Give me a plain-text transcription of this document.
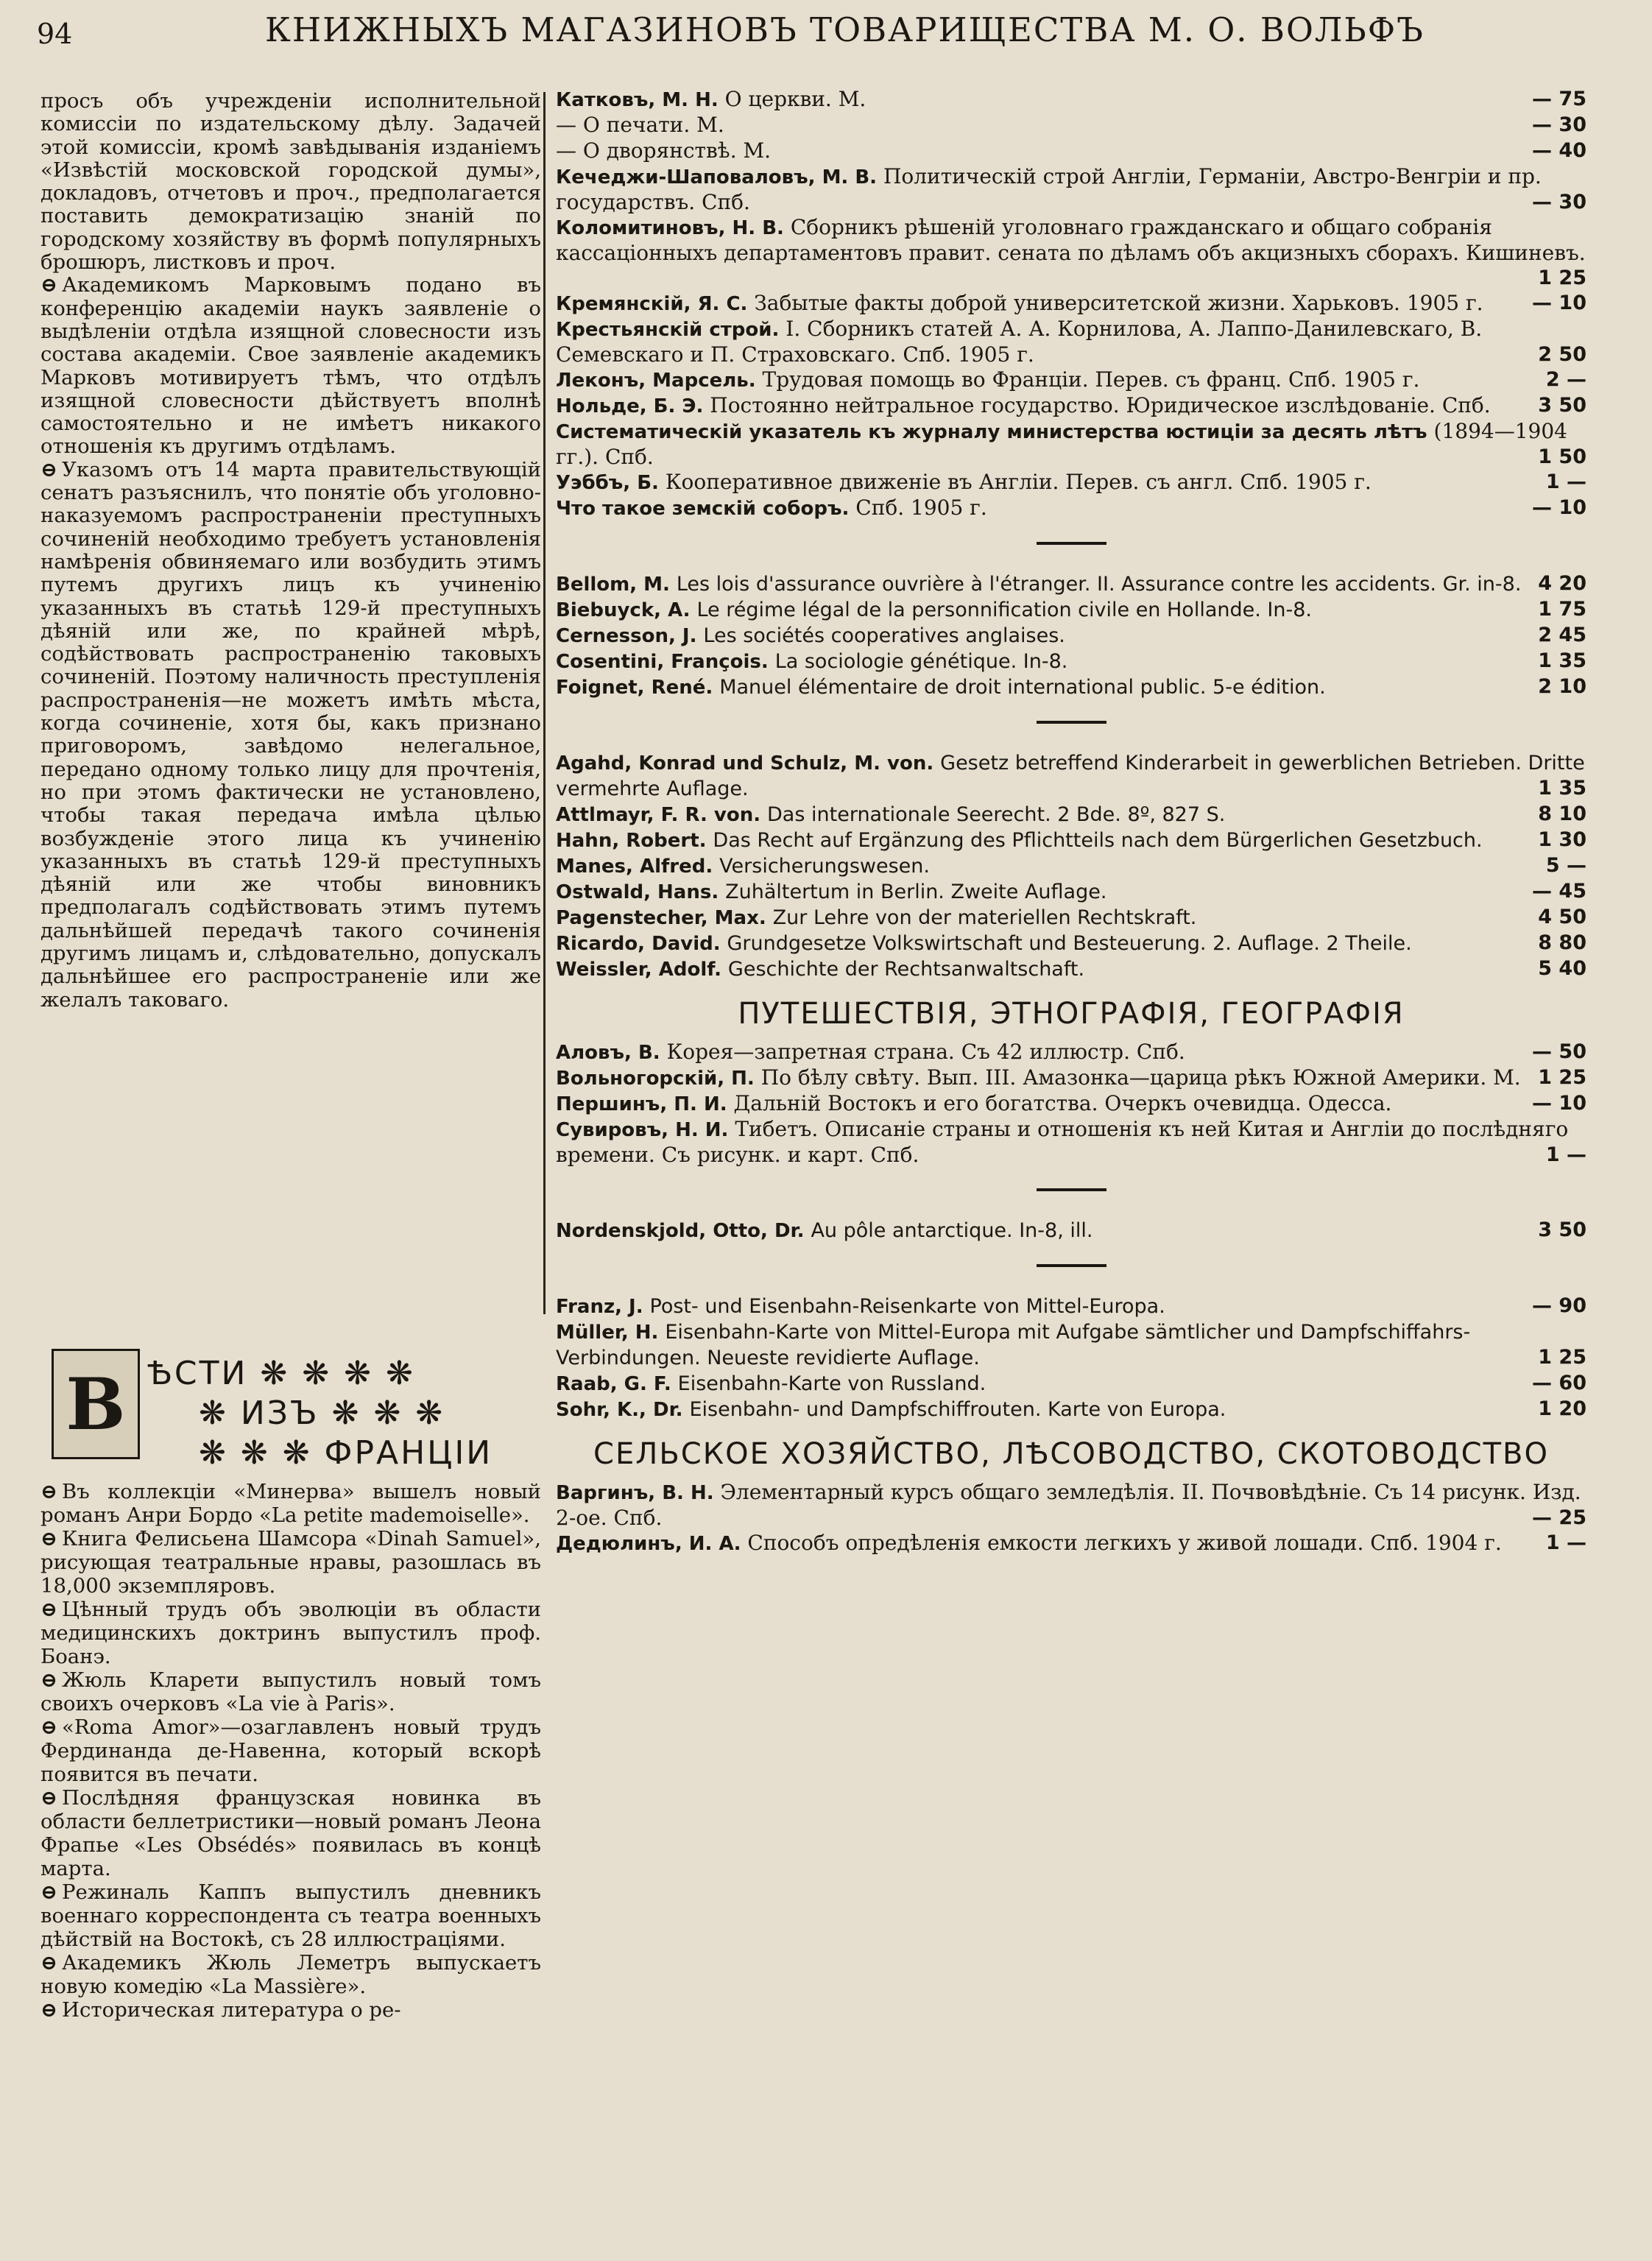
94	КНИЖНЫХЪ МАГАЗИНОВЪ ТОВАРИЩЕСТВА М. О. ВОЛЬФЪ

просъ объ учрежденіи исполнительной комиссіи по издательскому дѣлу. Задачей этой комиссіи, кромѣ завѣдыванія изданіемъ «Извѣстій московской городской думы», докладовъ, отчетовъ и проч., предполагается поставить демократизацію знаній по городскому хозяйству въ формѣ популярныхъ брошюръ, листковъ и проч.

⊖ Академикомъ Марковымъ подано въ конференцію академіи наукъ заявленіе о выдѣленіи отдѣла изящной словесности изъ состава академіи. Свое заявленіе академикъ Марковъ мотивируетъ тѣмъ, что отдѣлъ изящной словесности дѣйствуетъ вполнѣ самостоятельно и не имѣетъ никакого отношенія къ другимъ отдѣламъ.

⊖ Указомъ отъ 14 марта правительствующій сенатъ разъяснилъ, что понятіе объ уголовно-наказуемомъ распространеніи преступныхъ сочиненій необходимо требуетъ установленія намѣренія обвиняемаго или возбудить этимъ путемъ другихъ лицъ къ учиненію указанныхъ въ статьѣ 129-й преступныхъ дѣяній или же, по крайней мѣрѣ, содѣйствовать распространенію таковыхъ сочиненій. Поэтому наличность преступленія распространенія—не можетъ имѣть мѣста, когда сочиненіе, хотя бы, какъ признано приговоромъ, завѣдомо нелегальное, передано одному только лицу для прочтенія, но при этомъ фактически не установлено, чтобы такая передача имѣла цѣлью возбужденіе этого лица къ учиненію указанныхъ въ статьѣ 129-й преступныхъ дѣяній или же чтобы виновникъ предполагалъ содѣйствовать этимъ путемъ дальнѣйшей передачѣ такого сочиненія другимъ лицамъ и, слѣдовательно, допускалъ дальнѣйшее его распространеніе или же желалъ таковаго.

В ѢСТИ ❋ ❋ ❋ ❋
❋ ИЗЪ ❋ ❋ ❋
❋ ❋ ❋ ФРАНЦІИ

⊖ Въ коллекціи «Минерва» вышелъ новый романъ Анри Бордо «La petite mademoiselle».

⊖ Книга Фелисьена Шамсора «Dinah Samuel», рисующая театральные нравы, разошлась въ 18,000 экземпляровъ.

⊖ Цѣнный трудъ объ эволюціи въ области медицинскихъ доктринъ выпустилъ проф. Боанэ.

⊖ Жюль Кларети выпустилъ новый томъ своихъ очерковъ «La vie à Paris».

⊖ «Roma Amor»—озаглавленъ новый трудъ Фердинанда де-Навенна, который вскорѣ появится въ печати.

⊖ Послѣдняя французская новинка въ области беллетристики—новый романъ Леона Фрапье «Les Obsédés» появилась въ концѣ марта.

⊖ Режиналь Каппъ выпустилъ дневникъ военнаго корреспондента съ театра военныхъ дѣйствій на Востокѣ, съ 28 иллюстраціями.

⊖ Академикъ Жюль Леметръ выпускаетъ новую комедію «La Massière».

⊖ Историческая литература о ре-

Катковъ, М. Н. О церкви. М.	— 75
— О печати. М.	— 30
— О дворянствѣ. М.	— 40
Кечеджи-Шаповаловъ, М. В. Политическій строй Англіи, Германіи, Австро-Венгріи и пр. государствъ. Спб.	— 30
Коломитиновъ, Н. В. Сборникъ рѣшеній уголовнаго гражданскаго и общаго собранія кассаціонныхъ департаментовъ правит. сената по дѣламъ объ акцизныхъ сборахъ. Кишиневъ.
1 25
Кремянскій, Я. С. Забытые факты доброй университетской жизни. Харьковъ. 1905 г. — 10
Крестьянскій строй. I. Сборникъ статей А. А. Корнилова, А. Лаппо-Данилевскаго, В. Семевскаго и П. Страховскаго. Спб. 1905 г.	2 50
Леконъ, Марсель. Трудовая помощь во Франціи. Перев. съ франц. Спб. 1905 г.	2 —
Нольде, Б. Э. Постоянно нейтральное государство. Юридическое изслѣдованіе. Спб. 3 50
Систематическій указатель къ журналу министерства юстиціи за десять лѣтъ (1894—1904 гг.). Спб.	1 50
Уэббъ, Б. Кооперативное движеніе въ Англіи. Перев. съ англ. Спб. 1905 г.	1 —
Что такое земскій соборъ. Спб. 1905 г.	— 10
Bellom, M. Les lois d'assurance ouvrière à l'étranger. II. Assurance contre les accidents. Gr. in-8. 4 20
Biebuyck, A. Le régime légal de la personnification civile en Hollande. In-8.	1 75
Cernesson, J. Les sociétés cooperatives anglaises.	2 45
Cosentini, François. La sociologie génétique. In-8.	1 35
Foignet, René. Manuel élémentaire de droit international public. 5-e édition.	2 10
Agahd, Konrad und Schulz, M. von. Gesetz betreffend Kinderarbeit in gewerblichen Betrieben. Dritte vermehrte Auflage.	1 35
Attlmayr, F. R. von. Das internationale Seerecht. 2 Bde. 8º, 827 S.	8 10
Hahn, Robert. Das Recht auf Ergänzung des Pflichtteils nach dem Bürgerlichen Gesetzbuch.	1 30
Manes, Alfred. Versicherungswesen.	5 —
Ostwald, Hans. Zuhältertum in Berlin. Zweite Auflage.	— 45
Pagenstecher, Max. Zur Lehre von der materiellen Rechtskraft.	4 50
Ricardo, David. Grundgesetze Volkswirtschaft und Besteuerung. 2. Auflage. 2 Theile.	8 80
Weissler, Adolf. Geschichte der Rechtsanwaltschaft.	5 40
ПУТЕШЕСТВІЯ, ЭТНОГРАФІЯ, ГЕОГРАФІЯ
Аловъ, В. Корея—запретная страна. Съ 42 иллюстр. Спб.	— 50
Вольногорскій, П. По бѣлу свѣту. Вып. III. Амазонка—царица рѣкъ Южной Америки. М. 1 25
Першинъ, П. И. Дальній Востокъ и его богатства. Очеркъ очевидца. Одесса.	— 10
Сувировъ, Н. И. Тибетъ. Описаніе страны и отношенія къ ней Китая и Англіи до послѣдняго времени. Съ рисунк. и карт. Спб.	1 —
Nordenskjold, Otto, Dr. Au pôle antarctique. In-8, ill.	3 50
Franz, J. Post- und Eisenbahn-Reisenkarte von Mittel-Europa.	— 90
Müller, H. Eisenbahn-Karte von Mittel-Europa mit Aufgabe sämtlicher und Dampfschiffahrs-Verbindungen. Neueste revidierte Auflage.	1 25
Raab, G. F. Eisenbahn-Karte von Russland.	— 60
Sohr, K., Dr. Eisenbahn- und Dampfschiffrouten. Karte von Europa.	1 20
СЕЛЬСКОЕ ХОЗЯЙСТВО, ЛѢСОВОДСТВО, СКОТОВОДСТВО
Варгинъ, В. Н. Элементарный курсъ общаго земледѣлія. II. Почвовѣдѣніе. Съ 14 рисунк. Изд. 2-ое. Спб.	— 25
Дедюлинъ, И. А. Способъ опредѣленія емкости легкихъ у живой лошади. Спб. 1904 г. 1 —
